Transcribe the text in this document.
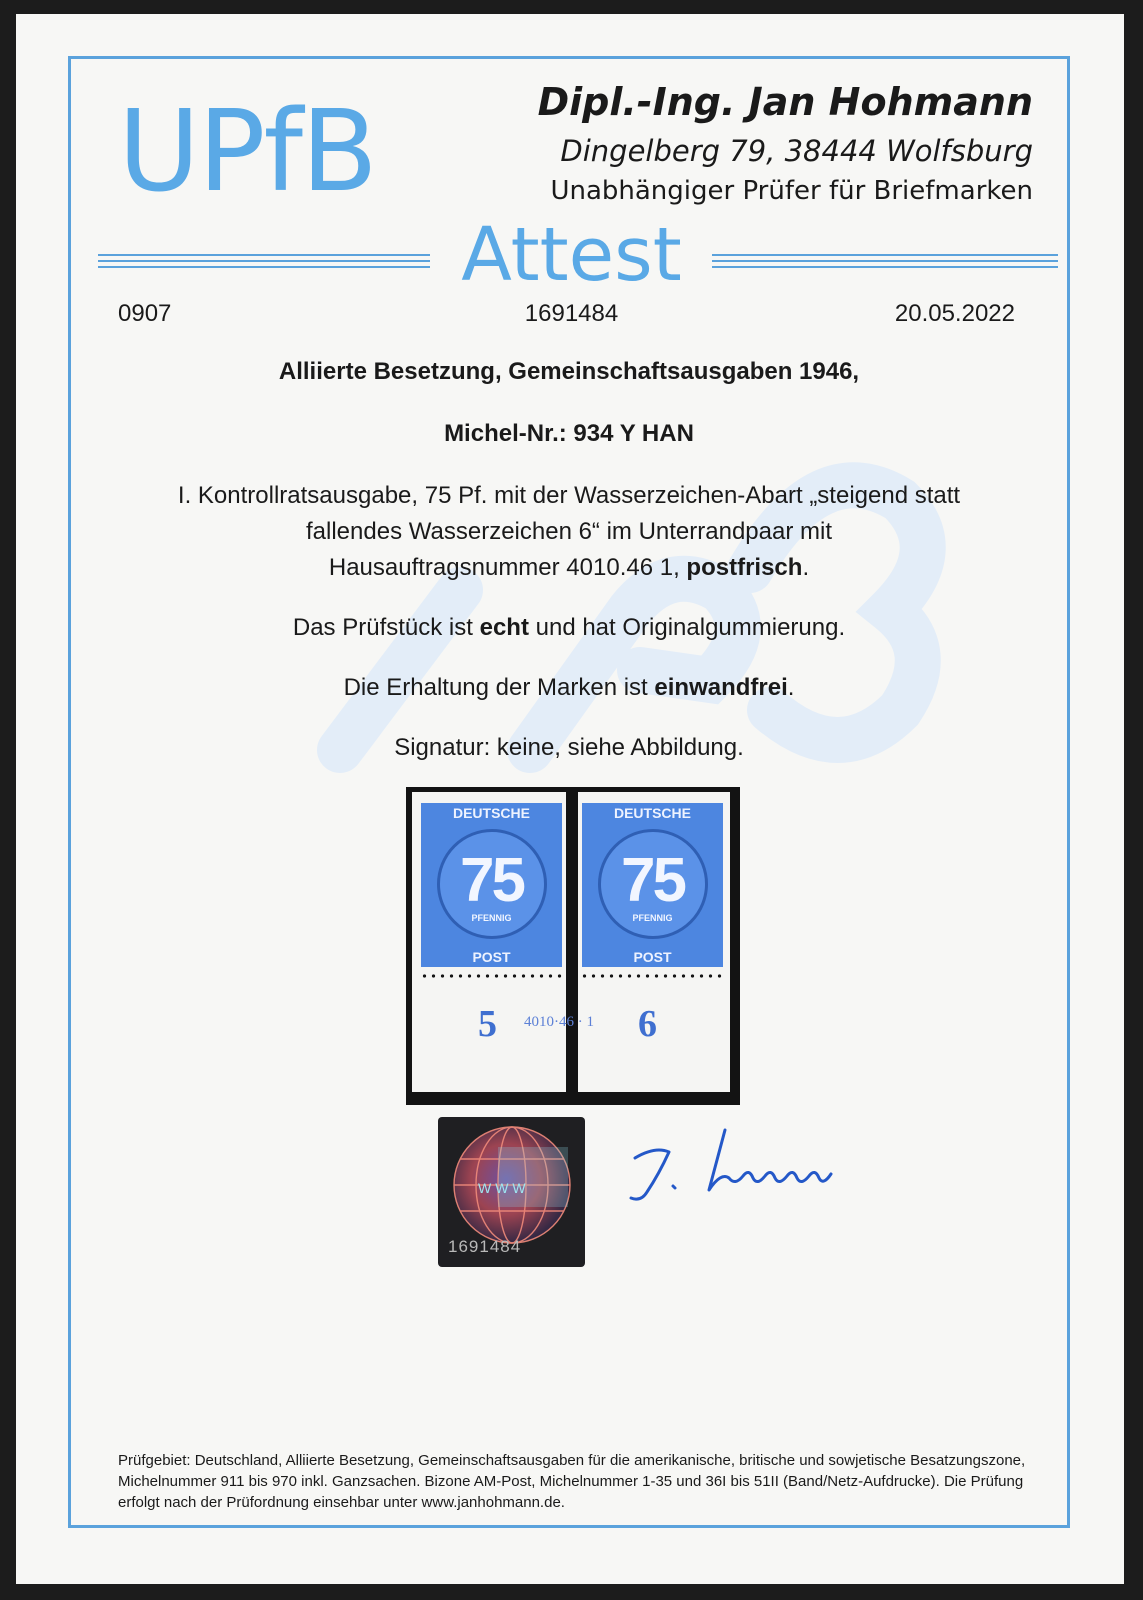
UPfB	Dipl.-Ing. Jan Hohmann
Dingelberg 79, 38444 Wolfsburg
Unabhängiger Prüfer für Briefmarken
Attest
0907	1691484	20.05.2022
Alliierte Besetzung, Gemeinschaftsausgaben 1946,
Michel-Nr.: 934 Y HAN
I. Kontrollratsausgabe, 75 Pf. mit der Wasserzeichen-Abart „steigend statt
fallendes Wasserzeichen 6“ im Unterrandpaar mit
Hausauftragsnummer 4010.46 1, postfrisch.
Das Prüfstück ist echt und hat Originalgummierung.
Die Erhaltung der Marken ist einwandfrei.
Signatur: keine, siehe Abbildung.
DEUTSCHE
75
PFENNIG
POST
DEUTSCHE
75
PFENNIG
POST
5 4010·46 · 1 6
WWW
1691484
Prüfgebiet: Deutschland, Alliierte Besetzung, Gemeinschaftsausgaben für die amerikanische, britische und sowjetische Besatzungszone, Michelnummer 911 bis 970 inkl. Ganzsachen. Bizone AM-Post, Michelnummer 1-35 und 36I bis 51II (Band/Netz-Aufdrucke). Die Prüfung erfolgt nach der Prüfordnung einsehbar unter www.janhohmann.de.
